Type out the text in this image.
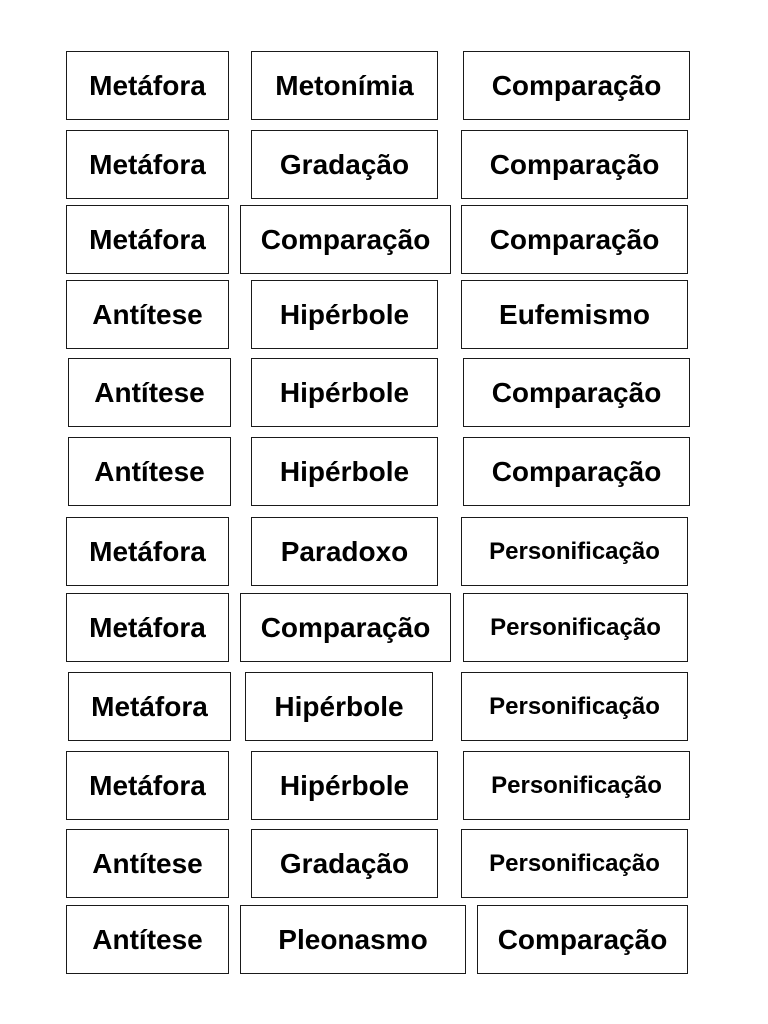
Metáfora	Metonímia	Comparação
Metáfora	Gradação	Comparação
Metáfora	Comparação	Comparação
Antítese	Hipérbole	Eufemismo
Antítese	Hipérbole	Comparação
Antítese	Hipérbole	Comparação
Metáfora	Paradoxo	Personificação
Metáfora	Comparação	Personificação
Metáfora	Hipérbole	Personificação
Metáfora	Hipérbole	Personificação
Antítese	Gradação	Personificação
Antítese	Pleonasmo	Comparação
